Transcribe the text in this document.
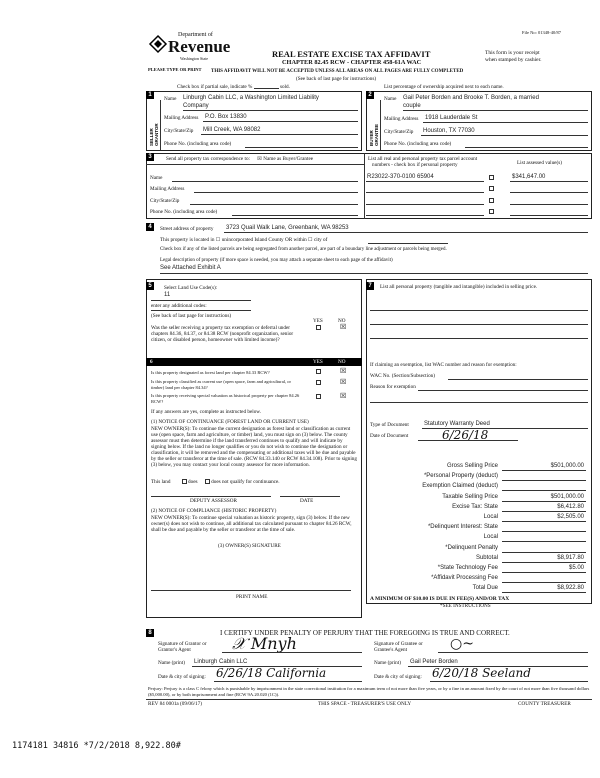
Department of
Revenue
Washington State
PLEASE TYPE OR PRINT
File No: 01348-40/87
REAL ESTATE EXCISE TAX AFFIDAVIT
CHAPTER 82.45 RCW - CHAPTER 458-61A WAC
This form is your receipt
when stamped by cashier.
THIS AFFIDAVIT WILL NOT BE ACCEPTED UNLESS ALL AREAS ON ALL PAGES ARE FULLY COMPLETED
(See back of last page for instructions)
Check box if partial sale, indicate %	sold.	List percentage of ownership acquired next to each name.
1
SELLER GRANTOR
Name Linburgh Cabin LLC, a Washington Limited Liability
Company
Mailing Address P.O. Box 13830
City/State/Zip Mill Creek, WA 98082
Phone No. (including area code)
2
BUYER GRANTEE
Name Gail Peter Borden and Brooke T. Borden, a married
couple
Mailing Address 1918 Lauderdale St
City/State/Zip Houston, TX 77030
Phone No. (including area code)
3	Send all property tax correspondence to: ☒ Name as Buyer/Grantee
Name
Mailing Address
City/State/Zip
Phone No. (including area code)
List all real and personal property tax parcel account
numbers - check box if personal property	List assessed value(s)
R23022-370-0100 65904	$341,647.00
4	Street address of property 3723 Quail Walk Lane, Greenbank, WA 98253
This property is located in ☐ unincorporated Island County OR within ☐ city of
Check box if any of the listed parcels are being segregated from another parcel, are part of a boundary line adjustment or parcels being merged.
Legal description of property (if more space is needed, you may attach a separate sheet to each page of the affidavit)
See Attached Exhibit A
5	Select Land Use Code(s):
11
enter any additional codes:
(See back of last page for instructions)
YES	NO
Was the seller receiving a property tax exemption or deferral under chapters 84.36, 84.37, or 84.38 RCW (nonprofit organization, senior citizen, or disabled person, homeowner with limited income)?
☒
6	YES	NO
Is this property designated as forest land per chapter 84.33 RCW?	☒
Is this property classified as current use (open space, farm and agricultural, or timber) land per chapter 84.34?
☒
Is this property receiving special valuation as historical property per chapter 84.26 RCW?
☒
If any answers are yes, complete as instructed below.
(1) NOTICE OF CONTINUANCE (FOREST LAND OR CURRENT USE)
NEW OWNER(S): To continue the current designation as forest land or classification as current use (open space, farm and agriculture, or timber) land, you must sign on (3) below. The county assessor must then determine if the land transferred continues to qualify and will indicate by signing below. If the land no longer qualifies or you do not wish to continue the designation or classification, it will be removed and the compensating or additional taxes will be due and payable by the seller or transferor at the time of sale. (RCW 84.33.140 or RCW 84.34.108). Prior to signing (3) below, you may contact your local county assessor for more information.
This land	does	does not qualify for continuance.
DEPUTY ASSESSOR	DATE
(2) NOTICE OF COMPLIANCE (HISTORIC PROPERTY)
NEW OWNER(S): To continue special valuation as historic property, sign (3) below. If the new owner(s) does not wish to continue, all additional tax calculated pursuant to chapter 84.26 RCW, shall be due and payable by the seller or transferor at the time of sale.
(3) OWNER(S) SIGNATURE
PRINT NAME
7	List all personal property (tangible and intangible) included in selling price.
If claiming an exemption, list WAC number and reason for exemption:
WAC No. (Section/Subsection)
Reason for exemption
Type of Document	Statutory Warranty Deed
Date of Document	6/26/18
Gross Selling Price	$501,000.00
*Personal Property (deduct)
Exemption Claimed (deduct)
Taxable Selling Price	$501,000.00
Excise Tax: State	$6,412.80
Local	$2,505.00
*Delinquent Interest: State
Local
*Delinquent Penalty
Subtotal	$8,917.80
*State Technology Fee	$5.00
*Affidavit Processing Fee
Total Due	$8,922.80
A MINIMUM OF $10.00 IS DUE IN FEE(S) AND/OR TAX
*SEE INSTRUCTIONS
8	I CERTIFY UNDER PENALTY OF PERJURY THAT THE FOREGOING IS TRUE AND CORRECT.
Signature of Grantor or Grantor's Agent	𝒳 Mnyh
Name (print) Linburgh Cabin LLC
Date & city of signing: 6/26/18 California
Signature of Grantee or Grantee's Agent	○~
Name (print) Gail Peter Borden
Date & city of signing: 6/20/18 Seeland
Perjury: Perjury is a class C felony which is punishable by imprisonment in the state correctional institution for a maximum term of not more than five years, or by a fine in an amount fixed by the court of not more than five thousand dollars ($5,000.00), or by both imprisonment and fine (RCW 9A.20.020 (1C)).
REV 84 0001a (09/06/17)	THIS SPACE - TREASURER'S USE ONLY	COUNTY TREASURER
1174181 34816 *7/2/2018 8,922.80#
